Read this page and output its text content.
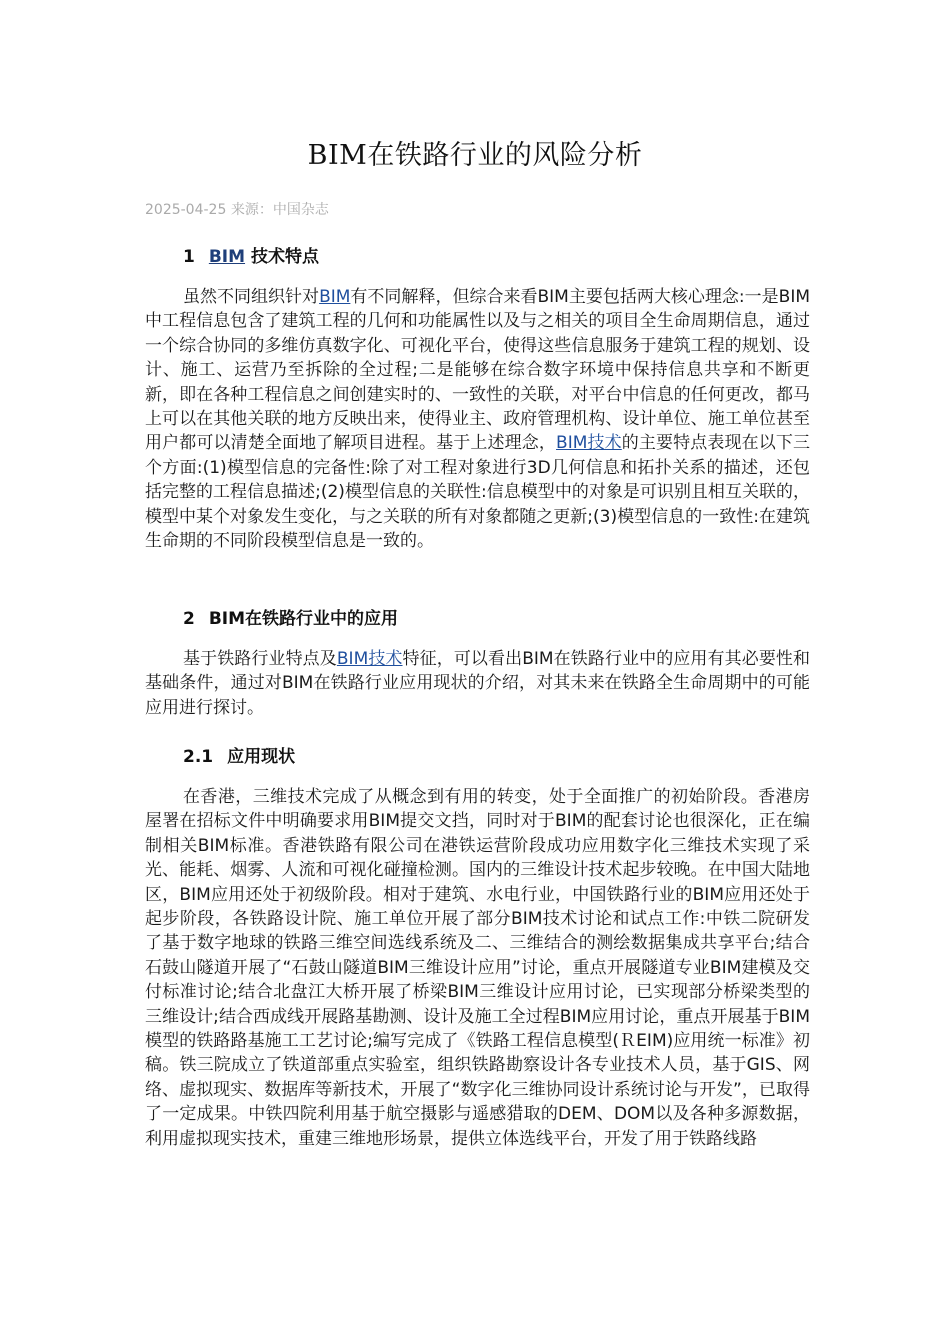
BIM在铁路行业的风险分析
2025-04-25 来源：中国杂志
1 BIM 技术特点
虽然不同组织针对BIM有不同解释，但综合来看BIM主要包括两大核心理念:一是BIM中工程信息包含了建筑工程的几何和功能属性以及与之相关的项目全生命周期信息，通过一个综合协同的多维仿真数字化、可视化平台，使得这些信息服务于建筑工程的规划、设计、施工、运营乃至拆除的全过程;二是能够在综合数字环境中保持信息共享和不断更新，即在各种工程信息之间创建实时的、一致性的关联，对平台中信息的任何更改，都马上可以在其他关联的地方反映出来，使得业主、政府管理机构、设计单位、施工单位甚至用户都可以清楚全面地了解项目进程。基于上述理念，BIM技术的主要特点表现在以下三个方面:(1)模型信息的完备性:除了对工程对象进行3D几何信息和拓扑关系的描述，还包括完整的工程信息描述;(2)模型信息的关联性:信息模型中的对象是可识别且相互关联的，模型中某个对象发生变化，与之关联的所有对象都随之更新;(3)模型信息的一致性:在建筑生命期的不同阶段模型信息是一致的。
2 BIM在铁路行业中的应用
基于铁路行业特点及BIM技术特征，可以看出BIM在铁路行业中的应用有其必要性和基础条件，通过对BIM在铁路行业应用现状的介绍，对其未来在铁路全生命周期中的可能应用进行探讨。
2.1 应用现状
在香港，三维技术完成了从概念到有用的转变，处于全面推广的初始阶段。香港房屋署在招标文件中明确要求用BIM提交文挡，同时对于BIM的配套讨论也很深化，正在编制相关BIM标准。香港铁路有限公司在港铁运营阶段成功应用数字化三维技术实现了采光、能耗、烟雾、人流和可视化碰撞检测。国内的三维设计技术起步较晚。在中国大陆地区，BIM应用还处于初级阶段。相对于建筑、水电行业，中国铁路行业的BIM应用还处于起步阶段，各铁路设计院、施工单位开展了部分BIM技术讨论和试点工作:中铁二院研发了基于数字地球的铁路三维空间选线系统及二、三维结合的测绘数据集成共享平台;结合石鼓山隧道开展了“石鼓山隧道BIM三维设计应用”讨论，重点开展隧道专业BIM建模及交付标准讨论;结合北盘江大桥开展了桥梁BIM三维设计应用讨论，已实现部分桥梁类型的三维设计;结合西成线开展路基勘测、设计及施工全过程BIM应用讨论，重点开展基于BIM模型的铁路路基施工工艺讨论;编写完成了《铁路工程信息模型(ＲEIM)应用统一标准》初稿。铁三院成立了铁道部重点实验室，组织铁路勘察设计各专业技术人员，基于GIS、网络、虚拟现实、数据库等新技术，开展了“数字化三维协同设计系统讨论与开发”，已取得了一定成果。中铁四院利用基于航空摄影与遥感猎取的DEM、DOM以及各种多源数据，利用虚拟现实技术，重建三维地形场景，提供立体选线平台，开发了用于铁路线路
